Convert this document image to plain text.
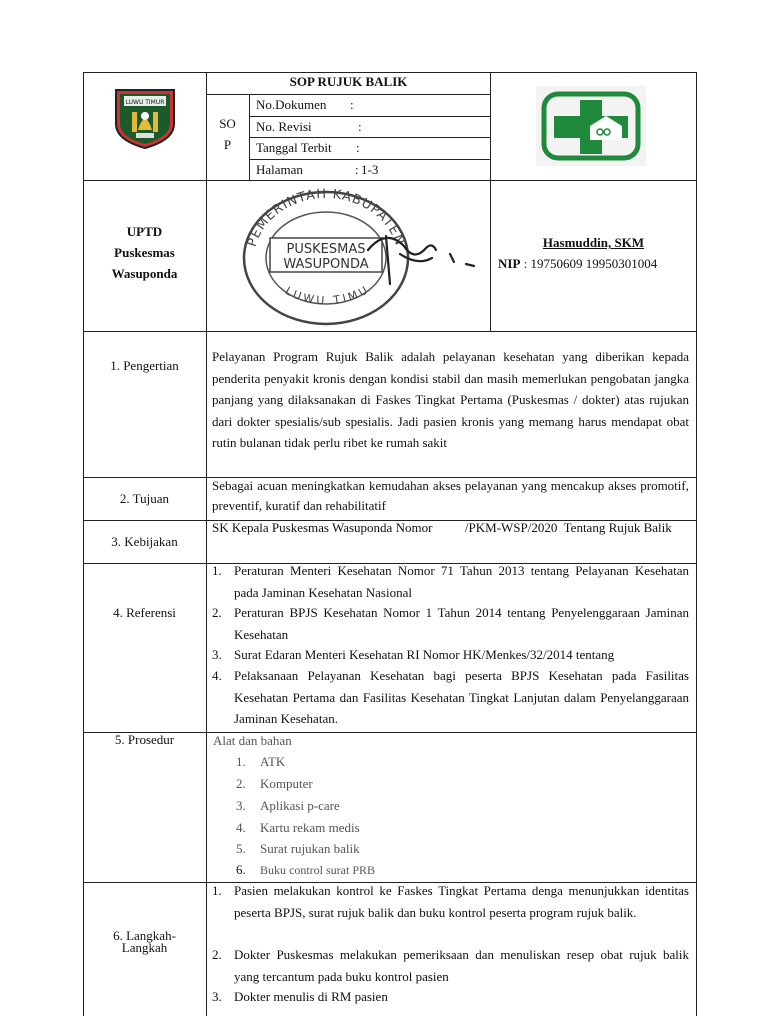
LUWU TIMUR
SOP RUJUK BALIK
SO
P
No.Dokumen :
No. Revisi	:
Tanggal Terbit :
Halaman	: 1-3
UPTD
Puskesmas
Wasuponda
PEMERINTAH KABUPATEN
LUWU TIMU
PUSKESMAS
WASUPONDA
Hasmuddin, SKM
NIP : 19750609 19950301004
1. Pengertian
Pelayanan Program Rujuk Balik adalah pelayanan kesehatan yang diberikan kepada penderita penyakit kronis dengan kondisi stabil dan masih memerlukan pengobatan jangka panjang yang dilaksanakan di Faskes Tingkat Pertama (Puskesmas / dokter) atas rujukan dari dokter spesialis/sub spesialis. Jadi pasien kronis yang memang harus mendapat obat rutin bulanan tidak perlu ribet ke rumah sakit
2. Tujuan
Sebagai acuan meningkatkan kemudahan akses pelayanan yang mencakup akses promotif, preventif, kuratif dan rehabilitatif
3. Kebijakan
SK Kepala Puskesmas Wasuponda Nomor          /PKM-WSP/2020  Tentang Rujuk Balik
4. Referensi
1. Peraturan Menteri Kesehatan Nomor 71 Tahun 2013 tentang Pelayanan Kesehatan pada Jaminan Kesehatan Nasional
2. Peraturan BPJS Kesehatan Nomor 1 Tahun 2014 tentang Penyelenggaraan Jaminan Kesehatan
3. Surat Edaran Menteri Kesehatan RI Nomor HK/Menkes/32/2014 tentang
4. Pelaksanaan Pelayanan Kesehatan bagi peserta BPJS Kesehatan pada Fasilitas Kesehatan Pertama dan Fasilitas Kesehatan Tingkat Lanjutan dalam Penyelanggaraan Jaminan Kesehatan.
5. Prosedur	Alat dan bahan
1. ATK
2. Komputer
3. Aplikasi p-care
4. Kartu rekam medis
5. Surat rujukan balik
6. Buku control surat PRB
6. Langkah-
Langkah
1. Pasien melakukan kontrol ke Faskes Tingkat Pertama denga menunjukkan identitas peserta BPJS, surat rujuk balik dan buku kontrol peserta program rujuk balik.
2. Dokter Puskesmas melakukan pemeriksaan dan menuliskan resep obat rujuk balik yang tercantum pada buku kontrol pasien
3. Dokter menulis di RM pasien
